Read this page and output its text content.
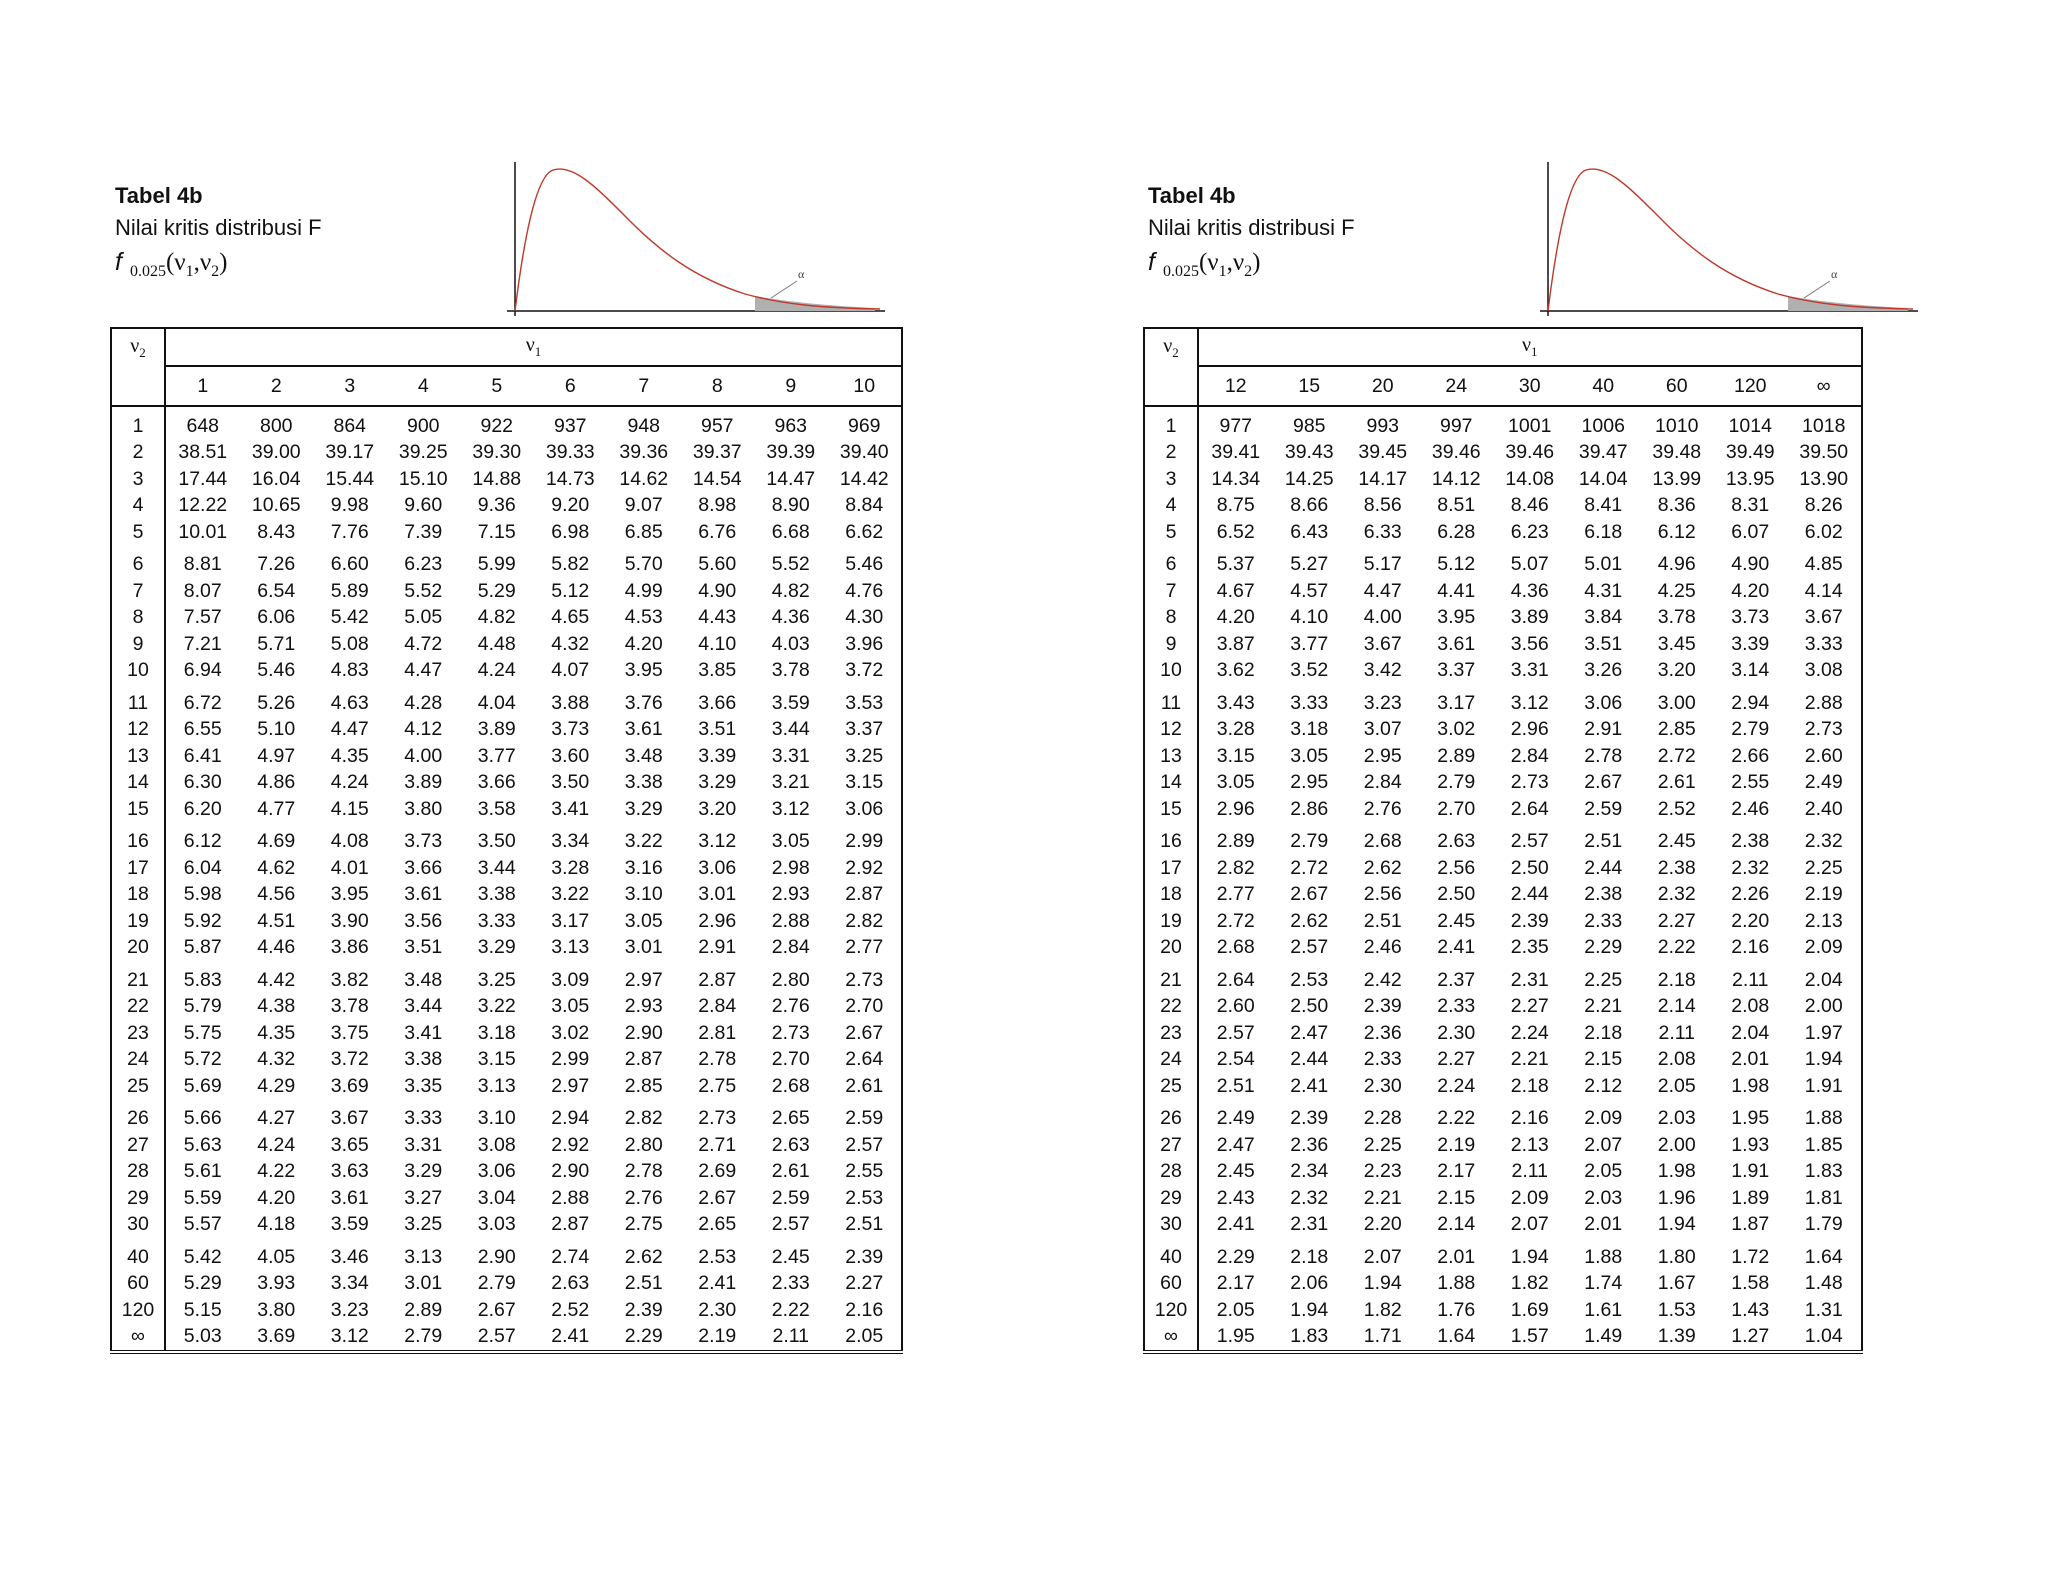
Tabel 4b
Nilai kritis distribusi F
f $_{0.025}(\nu_1,\nu_2)$	α
$\nu_2$	$\nu_1$
	1	2	3	4	5	6	7	8	9	10
1	648	800	864	900	922	937	948	957	963	969
2	38.51	39.00	39.17	39.25	39.30	39.33	39.36	39.37	39.39	39.40
3	17.44	16.04	15.44	15.10	14.88	14.73	14.62	14.54	14.47	14.42
4	12.22	10.65	9.98	9.60	9.36	9.20	9.07	8.98	8.90	8.84
5	10.01	8.43	7.76	7.39	7.15	6.98	6.85	6.76	6.68	6.62
6	8.81	7.26	6.60	6.23	5.99	5.82	5.70	5.60	5.52	5.46
7	8.07	6.54	5.89	5.52	5.29	5.12	4.99	4.90	4.82	4.76
8	7.57	6.06	5.42	5.05	4.82	4.65	4.53	4.43	4.36	4.30
9	7.21	5.71	5.08	4.72	4.48	4.32	4.20	4.10	4.03	3.96
10	6.94	5.46	4.83	4.47	4.24	4.07	3.95	3.85	3.78	3.72
11	6.72	5.26	4.63	4.28	4.04	3.88	3.76	3.66	3.59	3.53
12	6.55	5.10	4.47	4.12	3.89	3.73	3.61	3.51	3.44	3.37
13	6.41	4.97	4.35	4.00	3.77	3.60	3.48	3.39	3.31	3.25
14	6.30	4.86	4.24	3.89	3.66	3.50	3.38	3.29	3.21	3.15
15	6.20	4.77	4.15	3.80	3.58	3.41	3.29	3.20	3.12	3.06
16	6.12	4.69	4.08	3.73	3.50	3.34	3.22	3.12	3.05	2.99
17	6.04	4.62	4.01	3.66	3.44	3.28	3.16	3.06	2.98	2.92
18	5.98	4.56	3.95	3.61	3.38	3.22	3.10	3.01	2.93	2.87
19	5.92	4.51	3.90	3.56	3.33	3.17	3.05	2.96	2.88	2.82
20	5.87	4.46	3.86	3.51	3.29	3.13	3.01	2.91	2.84	2.77
21	5.83	4.42	3.82	3.48	3.25	3.09	2.97	2.87	2.80	2.73
22	5.79	4.38	3.78	3.44	3.22	3.05	2.93	2.84	2.76	2.70
23	5.75	4.35	3.75	3.41	3.18	3.02	2.90	2.81	2.73	2.67
24	5.72	4.32	3.72	3.38	3.15	2.99	2.87	2.78	2.70	2.64
25	5.69	4.29	3.69	3.35	3.13	2.97	2.85	2.75	2.68	2.61
26	5.66	4.27	3.67	3.33	3.10	2.94	2.82	2.73	2.65	2.59
27	5.63	4.24	3.65	3.31	3.08	2.92	2.80	2.71	2.63	2.57
28	5.61	4.22	3.63	3.29	3.06	2.90	2.78	2.69	2.61	2.55
29	5.59	4.20	3.61	3.27	3.04	2.88	2.76	2.67	2.59	2.53
30	5.57	4.18	3.59	3.25	3.03	2.87	2.75	2.65	2.57	2.51
40	5.42	4.05	3.46	3.13	2.90	2.74	2.62	2.53	2.45	2.39
60	5.29	3.93	3.34	3.01	2.79	2.63	2.51	2.41	2.33	2.27
120	5.15	3.80	3.23	2.89	2.67	2.52	2.39	2.30	2.22	2.16
∞	5.03	3.69	3.12	2.79	2.57	2.41	2.29	2.19	2.11	2.05
Tabel 4b
Nilai kritis distribusi F
f $_{0.025}(\nu_1,\nu_2)$	α
$\nu_2$	$\nu_1$
	12	15	20	24	30	40	60	120	∞
1	977	985	993	997	1001	1006	1010	1014	1018
2	39.41	39.43	39.45	39.46	39.46	39.47	39.48	39.49	39.50
3	14.34	14.25	14.17	14.12	14.08	14.04	13.99	13.95	13.90
4	8.75	8.66	8.56	8.51	8.46	8.41	8.36	8.31	8.26
5	6.52	6.43	6.33	6.28	6.23	6.18	6.12	6.07	6.02
6	5.37	5.27	5.17	5.12	5.07	5.01	4.96	4.90	4.85
7	4.67	4.57	4.47	4.41	4.36	4.31	4.25	4.20	4.14
8	4.20	4.10	4.00	3.95	3.89	3.84	3.78	3.73	3.67
9	3.87	3.77	3.67	3.61	3.56	3.51	3.45	3.39	3.33
10	3.62	3.52	3.42	3.37	3.31	3.26	3.20	3.14	3.08
11	3.43	3.33	3.23	3.17	3.12	3.06	3.00	2.94	2.88
12	3.28	3.18	3.07	3.02	2.96	2.91	2.85	2.79	2.73
13	3.15	3.05	2.95	2.89	2.84	2.78	2.72	2.66	2.60
14	3.05	2.95	2.84	2.79	2.73	2.67	2.61	2.55	2.49
15	2.96	2.86	2.76	2.70	2.64	2.59	2.52	2.46	2.40
16	2.89	2.79	2.68	2.63	2.57	2.51	2.45	2.38	2.32
17	2.82	2.72	2.62	2.56	2.50	2.44	2.38	2.32	2.25
18	2.77	2.67	2.56	2.50	2.44	2.38	2.32	2.26	2.19
19	2.72	2.62	2.51	2.45	2.39	2.33	2.27	2.20	2.13
20	2.68	2.57	2.46	2.41	2.35	2.29	2.22	2.16	2.09
21	2.64	2.53	2.42	2.37	2.31	2.25	2.18	2.11	2.04
22	2.60	2.50	2.39	2.33	2.27	2.21	2.14	2.08	2.00
23	2.57	2.47	2.36	2.30	2.24	2.18	2.11	2.04	1.97
24	2.54	2.44	2.33	2.27	2.21	2.15	2.08	2.01	1.94
25	2.51	2.41	2.30	2.24	2.18	2.12	2.05	1.98	1.91
26	2.49	2.39	2.28	2.22	2.16	2.09	2.03	1.95	1.88
27	2.47	2.36	2.25	2.19	2.13	2.07	2.00	1.93	1.85
28	2.45	2.34	2.23	2.17	2.11	2.05	1.98	1.91	1.83
29	2.43	2.32	2.21	2.15	2.09	2.03	1.96	1.89	1.81
30	2.41	2.31	2.20	2.14	2.07	2.01	1.94	1.87	1.79
40	2.29	2.18	2.07	2.01	1.94	1.88	1.80	1.72	1.64
60	2.17	2.06	1.94	1.88	1.82	1.74	1.67	1.58	1.48
120	2.05	1.94	1.82	1.76	1.69	1.61	1.53	1.43	1.31
∞	1.95	1.83	1.71	1.64	1.57	1.49	1.39	1.27	1.04
